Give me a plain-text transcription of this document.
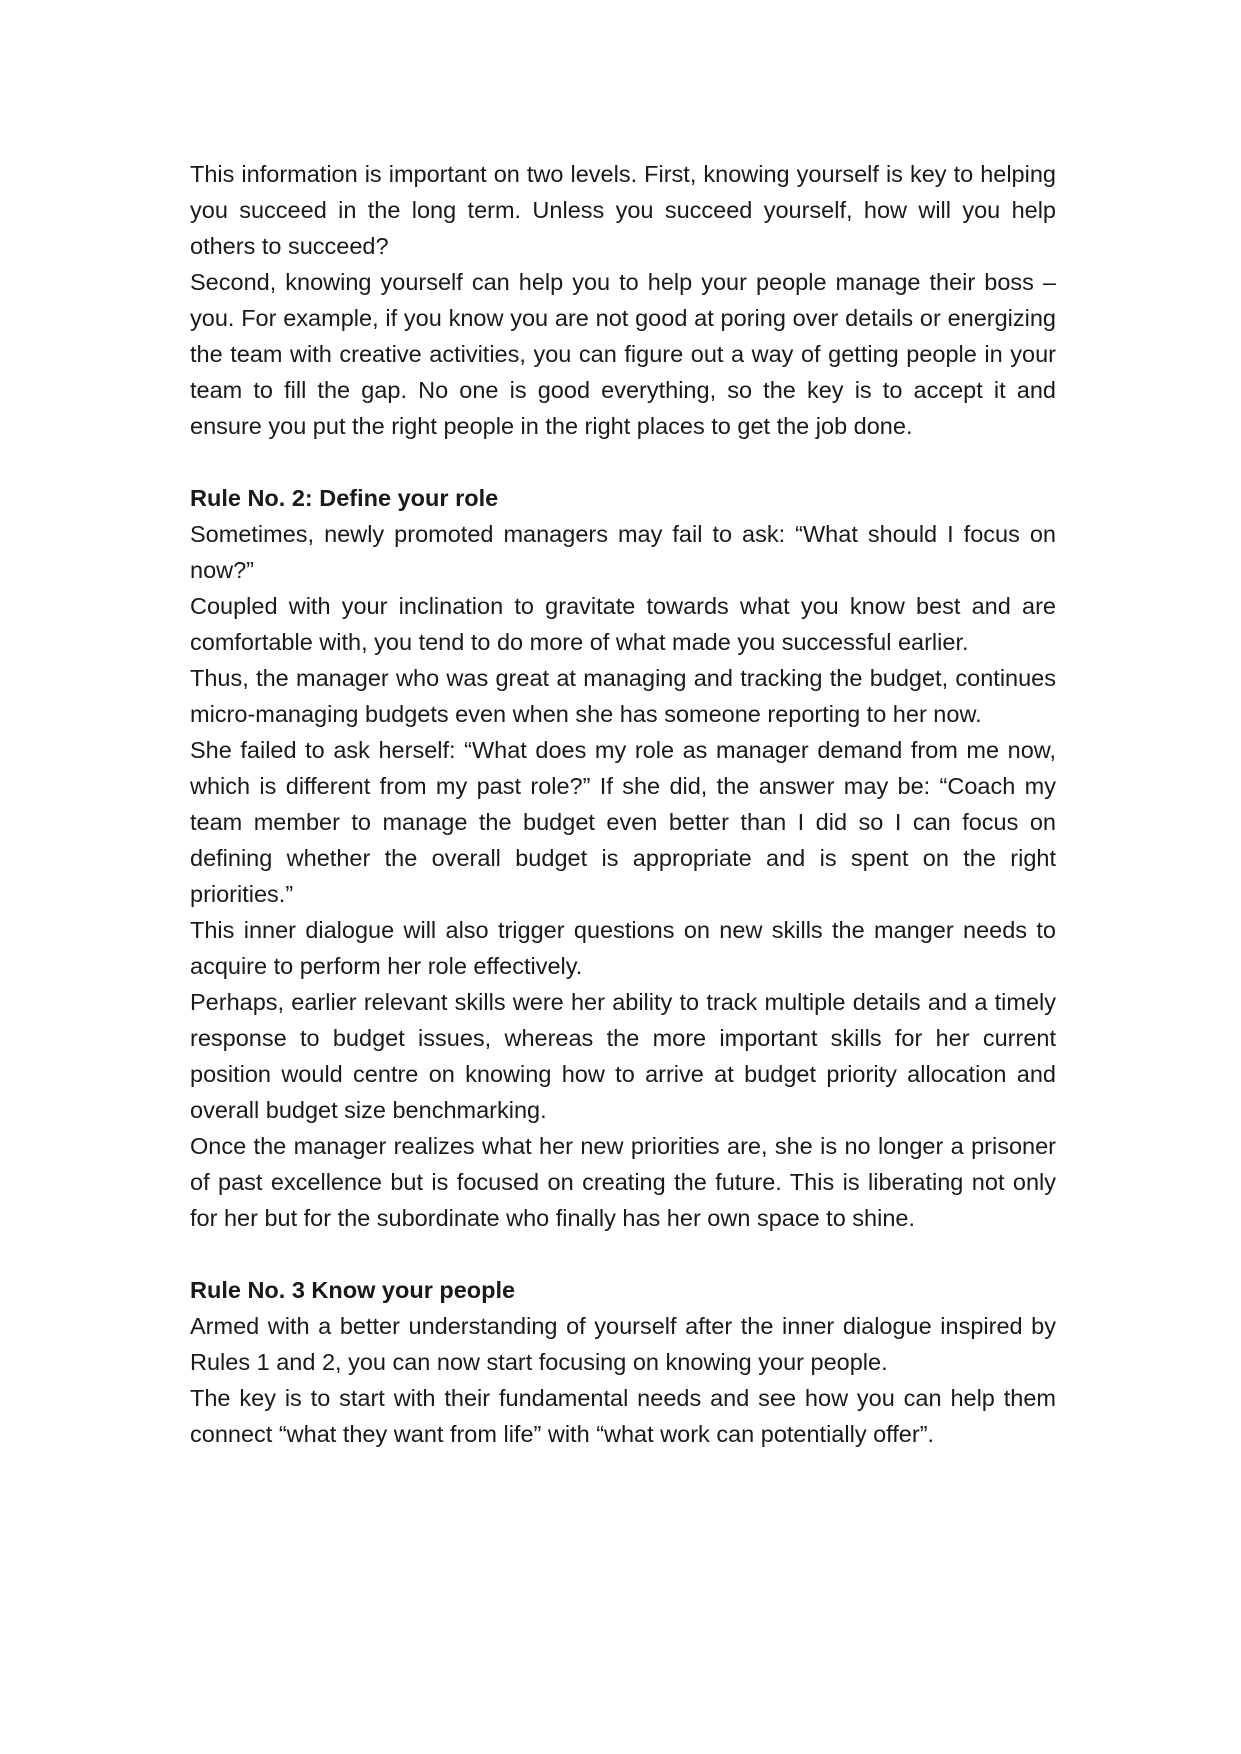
This information is important on two levels. First, knowing yourself is key to helping you succeed in the long term. Unless you succeed yourself, how will you help others to succeed?

Second, knowing yourself can help you to help your people manage their boss – you. For example, if you know you are not good at poring over details or energizing the team with creative activities, you can figure out a way of getting people in your team to fill the gap. No one is good everything, so the key is to accept it and ensure you put the right people in the right places to get the job done.

Rule No. 2: Define your role

Sometimes, newly promoted managers may fail to ask: “What should I focus on now?”

Coupled with your inclination to gravitate towards what you know best and are comfortable with, you tend to do more of what made you successful earlier.

Thus, the manager who was great at managing and tracking the budget, continues micro-managing budgets even when she has someone reporting to her now.

She failed to ask herself: “What does my role as manager demand from me now, which is different from my past role?” If she did, the answer may be: “Coach my team member to manage the budget even better than I did so I can focus on defining whether the overall budget is appropriate and is spent on the right priorities.”

This inner dialogue will also trigger questions on new skills the manger needs to acquire to perform her role effectively.

Perhaps, earlier relevant skills were her ability to track multiple details and a timely response to budget issues, whereas the more important skills for her current position would centre on knowing how to arrive at budget priority allocation and overall budget size benchmarking.

Once the manager realizes what her new priorities are, she is no longer a prisoner of past excellence but is focused on creating the future. This is liberating not only for her but for the subordinate who finally has her own space to shine.

Rule No. 3 Know your people

Armed with a better understanding of yourself after the inner dialogue inspired by Rules 1 and 2, you can now start focusing on knowing your people.

The key is to start with their fundamental needs and see how you can help them connect “what they want from life” with “what work can potentially offer”.
